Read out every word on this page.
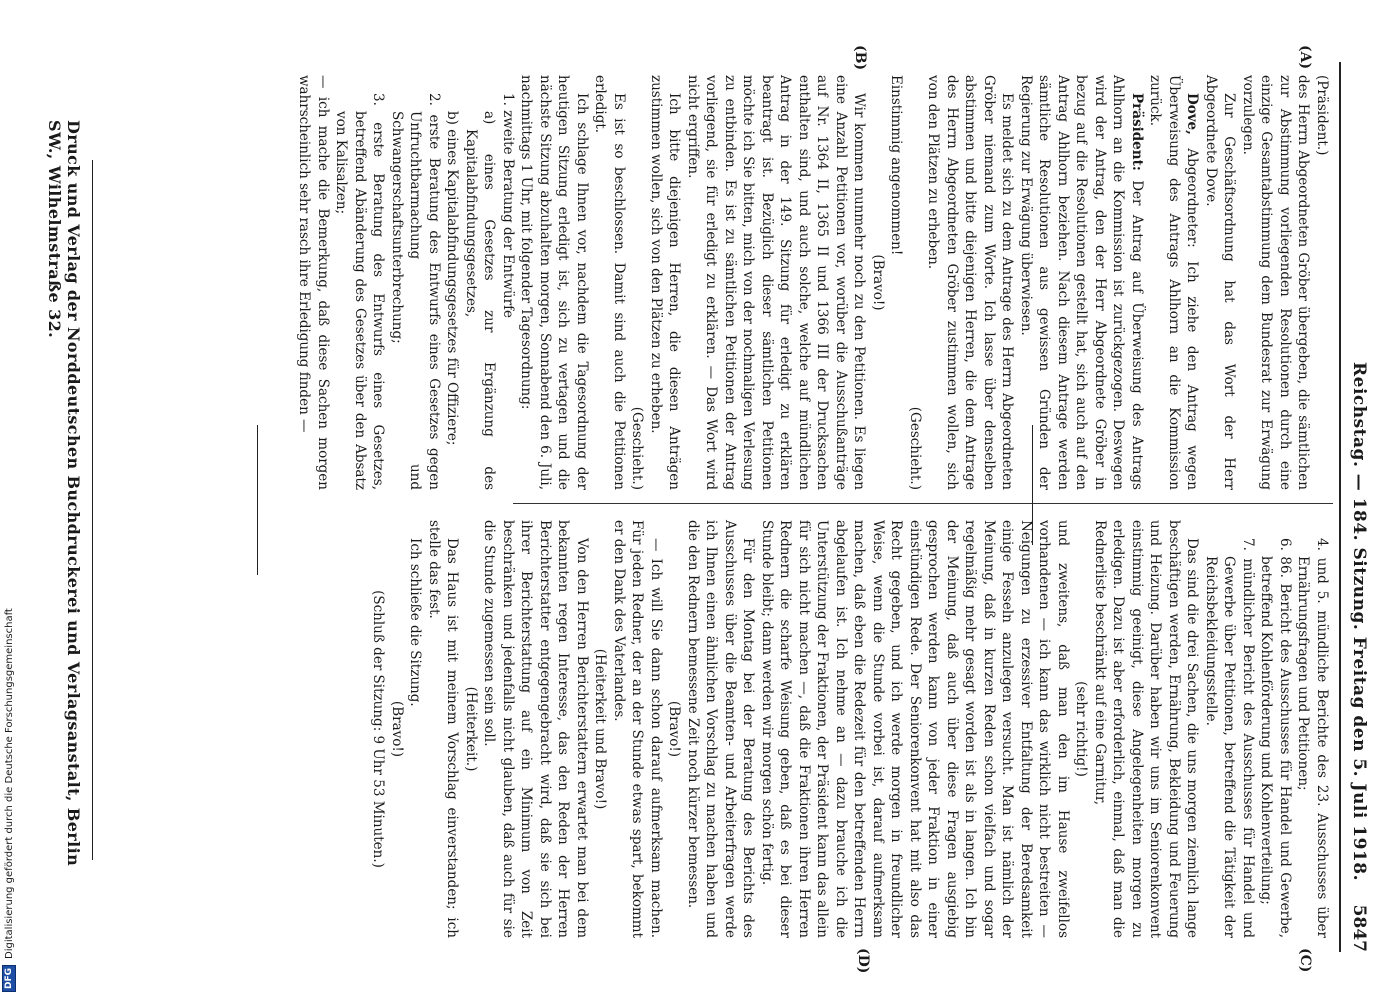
Reichstag. — 184. Sitzung. Freitag den 5. Juli 1918.
5847
(A)
(B)
(C)
(D)

(Präsident.)

des Herrn Abgeordneten Gröber übergeben, die sämtlichen zur Abstimmung vorliegenden Resolutionen durch eine einzige Gesamtabstimmung dem Bundesrat zur Erwägung vorzulegen.

Zur Geschäftsordnung hat das Wort der Herr Abgeordnete Dove.

Dove, Abgeordneter: Ich ziehe den Antrag wegen Überweisung des Antrags Ahlhorn an die Kommission zurück.

Präsident: Der Antrag auf Überweisung des Antrags Ahlhorn an die Kommission ist zurückgezogen. Deswegen wird der Antrag, den der Herr Abgeordnete Gröber in bezug auf die Resolutionen gestellt hat, sich auch auf den Antrag Ahlhorn beziehen. Nach diesem Antrage werden sämtliche Resolutionen aus gewissen Gründen der Regierung zur Erwägung überwiesen.

Es meldet sich zu dem Antrage des Herrn Abgeordneten Gröber niemand zum Worte. Ich lasse über denselben abstimmen und bitte diejenigen Herren, die dem Antrage des Herrn Abgeordneten Gröber zustimmen wollen, sich von den Plätzen zu erheben.

(Geschieht.)

Einstimmig angenommen!

(Bravo!)

Wir kommen nunmehr noch zu den Petitionen. Es liegen eine Anzahl Petitionen vor, worüber die Ausschußanträge auf Nr. 1364 II, 1365 II und 1366 III der Drucksachen enthalten sind, und auch solche, welche auf mündlichen Antrag in der 149. Sitzung für erledigt zu erklären beantragt ist. Bezüglich dieser sämtlichen Petitionen möchte ich Sie bitten, mich von der nochmaligen Verlesung zu entbinden. Es ist zu sämtlichen Petitionen der Antrag vorliegend, sie für erledigt zu erklären. — Das Wort wird nicht ergriffen.

Ich bitte diejenigen Herren, die diesen Anträgen zustimmen wollen, sich von den Plätzen zu erheben.

(Geschieht.)

Es ist so beschlossen. Damit sind auch die Petitionen erledigt.

Ich schlage Ihnen vor, nachdem die Tagesordnung der heutigen Sitzung erledigt ist, sich zu vertagen und die nächste Sitzung abzuhalten morgen, Sonnabend den 6. Juli, nachmittags 1 Uhr, mit folgender Tagesordnung:

1. zweite Beratung der Entwürfe

a) eines Gesetzes zur Ergänzung des Kapitalabfindungsgesetzes,

b) eines Kapitalabfindungsgesetzes für Offiziere;

2. erste Beratung des Entwurfs eines Gesetzes gegen Unfruchtbarmachung und Schwangerschaftsunterbrechung;

3. erste Beratung des Entwurfs eines Gesetzes, betreffend Abänderung des Gesetzes über den Absatz von Kalisalzen;

— ich mache die Bemerkung, daß diese Sachen morgen wahrscheinlich sehr rasch ihre Erledigung finden —

4. und 5. mündliche Berichte des 23. Ausschusses über Ernährungsfragen und Petitionen;

6. 86. Bericht des Ausschusses für Handel und Gewerbe, betreffend Kohlenförderung und Kohlenverteilung;

7. mündlicher Bericht des Ausschusses für Handel und Gewerbe über Petitionen, betreffend die Tätigkeit der Reichsbekleidungsstelle.

Das sind die drei Sachen, die uns morgen ziemlich lange beschäftigen werden, Ernährung, Bekleidung und Feuerung und Heizung. Darüber haben wir uns im Seniorenkonvent einstimmig geeinigt, diese Angelegenheiten morgen zu erledigen. Dazu ist aber erforderlich, einmal, daß man die Rednerliste beschränkt auf eine Garnitur,

(sehr richtig!)

und zweitens, daß man den im Hause zweifellos vorhandenen — ich kann das wirklich nicht bestreiten — Neigungen zu erzessiver Entfaltung der Beredsamkeit einige Fesseln anzulegen versucht. Man ist nämlich der Meinung, daß in kurzen Reden schon vielfach und sogar regelmäßig mehr gesagt worden ist als in langen. Ich bin der Meinung, daß auch über diese Fragen ausgiebig gesprochen werden kann von jeder Fraktion in einer einstündigen Rede. Der Seniorenkonvent hat mit also das Recht gegeben, und ich werde morgen in freundlicher Weise, wenn die Stunde vorbei ist, darauf aufmerksam machen, daß eben die Redezeit für den betreffenden Herrn abgelaufen ist. Ich nehme an — dazu brauche ich die Unterstützung der Fraktionen, der Präsident kann das allein für sich nicht machen —, daß die Fraktionen ihren Herren Rednern die scharfe Weisung geben, daß es bei dieser Stunde bleibt; dann werden wir morgen schön fertig.

Für den Montag bei der Beratung des Berichts des Ausschusses über die Beamten- und Arbeiterfragen werde ich Ihnen einen ähnlichen Vorschlag zu machen haben und die den Rednern bemessene Zeit noch kürzer bemessen.

(Bravo!)

— Ich will Sie dann schon darauf aufmerksam machen. Für jeden Redner, der an der Stunde etwas spart, bekommt er den Dank des Vaterlandes.

(Heiterkeit und Bravo!)

Von den Herren Berichterstattern erwartet man bei dem bekannten regen Interesse, das den Reden der Herren Berichterstatter entgegengebracht wird, daß sie sich bei ihrer Berichterstattung auf ein Minimum von Zeit beschränken und jedenfalls nicht glauben, daß auch für sie die Stunde zugemessen sein soll.

(Heiterkeit.)

Das Haus ist mit meinem Vorschlag einverstanden; ich stelle das fest.

Ich schließe die Sitzung.

(Bravo!)

(Schluß der Sitzung: 9 Uhr 53 Minuten.)

Druck und Verlag der Norddeutschen Buchdruckerei und Verlagsanstalt, Berlin SW., Wilhelmstraße 32.
DFG
Digitalisierung gefördert durch die Deutsche Forschungsgemeinschaft
